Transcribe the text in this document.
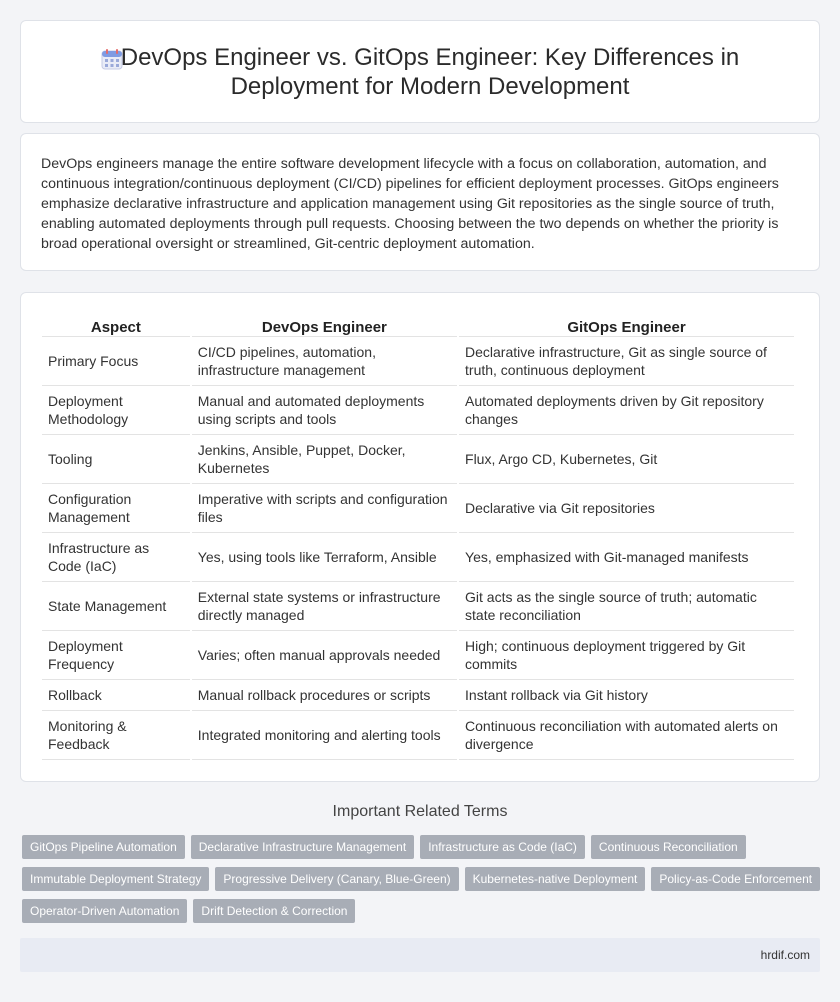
DevOps Engineer vs. GitOps Engineer: Key Differences in Deployment for Modern Development

DevOps engineers manage the entire software development lifecycle with a focus on collaboration, automation, and continuous integration/continuous deployment (CI/CD) pipelines for efficient deployment processes. GitOps engineers emphasize declarative infrastructure and application management using Git repositories as the single source of truth, enabling automated deployments through pull requests. Choosing between the two depends on whether the priority is broad operational oversight or streamlined, Git-centric deployment automation.

Aspect	DevOps Engineer	GitOps Engineer
Primary Focus	CI/CD pipelines, automation, infrastructure management	Declarative infrastructure, Git as single source of truth, continuous deployment
Deployment Methodology	Manual and automated deployments using scripts and tools	Automated deployments driven by Git repository changes
Tooling	Jenkins, Ansible, Puppet, Docker, Kubernetes	Flux, Argo CD, Kubernetes, Git
Configuration Management	Imperative with scripts and configuration files	Declarative via Git repositories
Infrastructure as Code (IaC)	Yes, using tools like Terraform, Ansible	Yes, emphasized with Git-managed manifests
State Management	External state systems or infrastructure directly managed	Git acts as the single source of truth; automatic state reconciliation
Deployment Frequency	Varies; often manual approvals needed	High; continuous deployment triggered by Git commits
Rollback	Manual rollback procedures or scripts	Instant rollback via Git history
Monitoring & Feedback	Integrated monitoring and alerting tools	Continuous reconciliation with automated alerts on divergence
Important Related Terms
GitOps Pipeline Automation	Declarative Infrastructure Management	Infrastructure as Code (IaC)	Continuous Reconciliation
Immutable Deployment Strategy	Progressive Delivery (Canary, Blue-Green)	Kubernetes-native Deployment	Policy-as-Code Enforcement
Operator-Driven Automation	Drift Detection & Correction
hrdif.com
